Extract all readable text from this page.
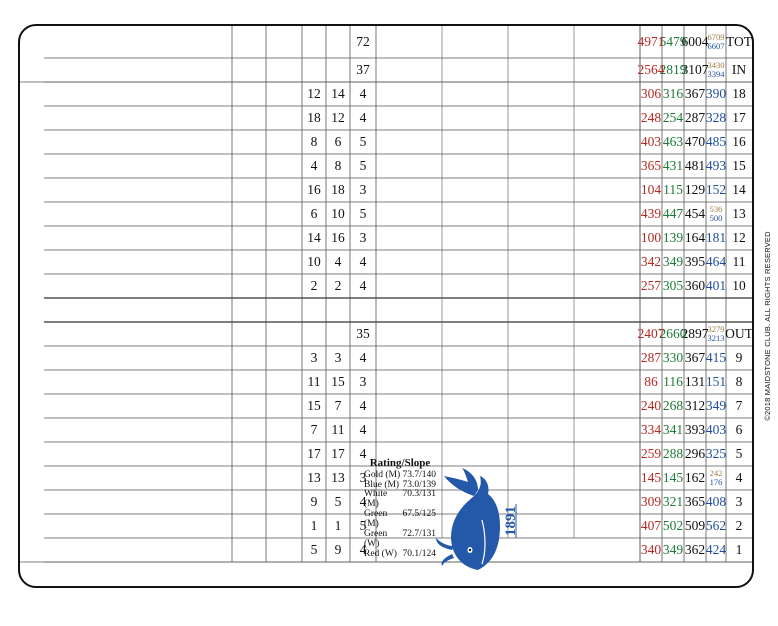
1891
1
424
362
349
340
4
9
5
2
562
509
502
407
5
1
1
3
408
365
321
309
4
5
9
4
242
176
162
145
145
3
13
13
5
325
296
288
259
4
17
17
6
403
393
341
334
4
11
7
7
349
312
268
240
4
7
15
8
151
131
116
86
3
15
11
9
415
367
330
287
4
3
3
OUT
3279
3213
2897
2660
2407
35
10
401
360
305
257
4
2
2
11
464
395
349
342
4
4
10
12
181
164
139
100
3
16
14
13
536
500
454
447
439
5
10
6
14
152
129
115
104
3
18
16
15
493
481
431
365
5
8
4
16
485
470
463
403
5
6
8
17
328
287
254
248
4
12
18
18
390
367
316
306
4
14
12
IN
3430
3394
3107
2819
2564
37
TOT
6709
6607
6004
5479
4971
72
Rating/Slope
Gold (M) 73.7/140
Blue (M) 73.0/139
White (M)
70.3/131
Green (M)
67.5/125
Green (W)
72.7/131
Red (W) 70.1/124
©2018 MAIDSTONE CLUB. ALL RIGHTS RESERVED
